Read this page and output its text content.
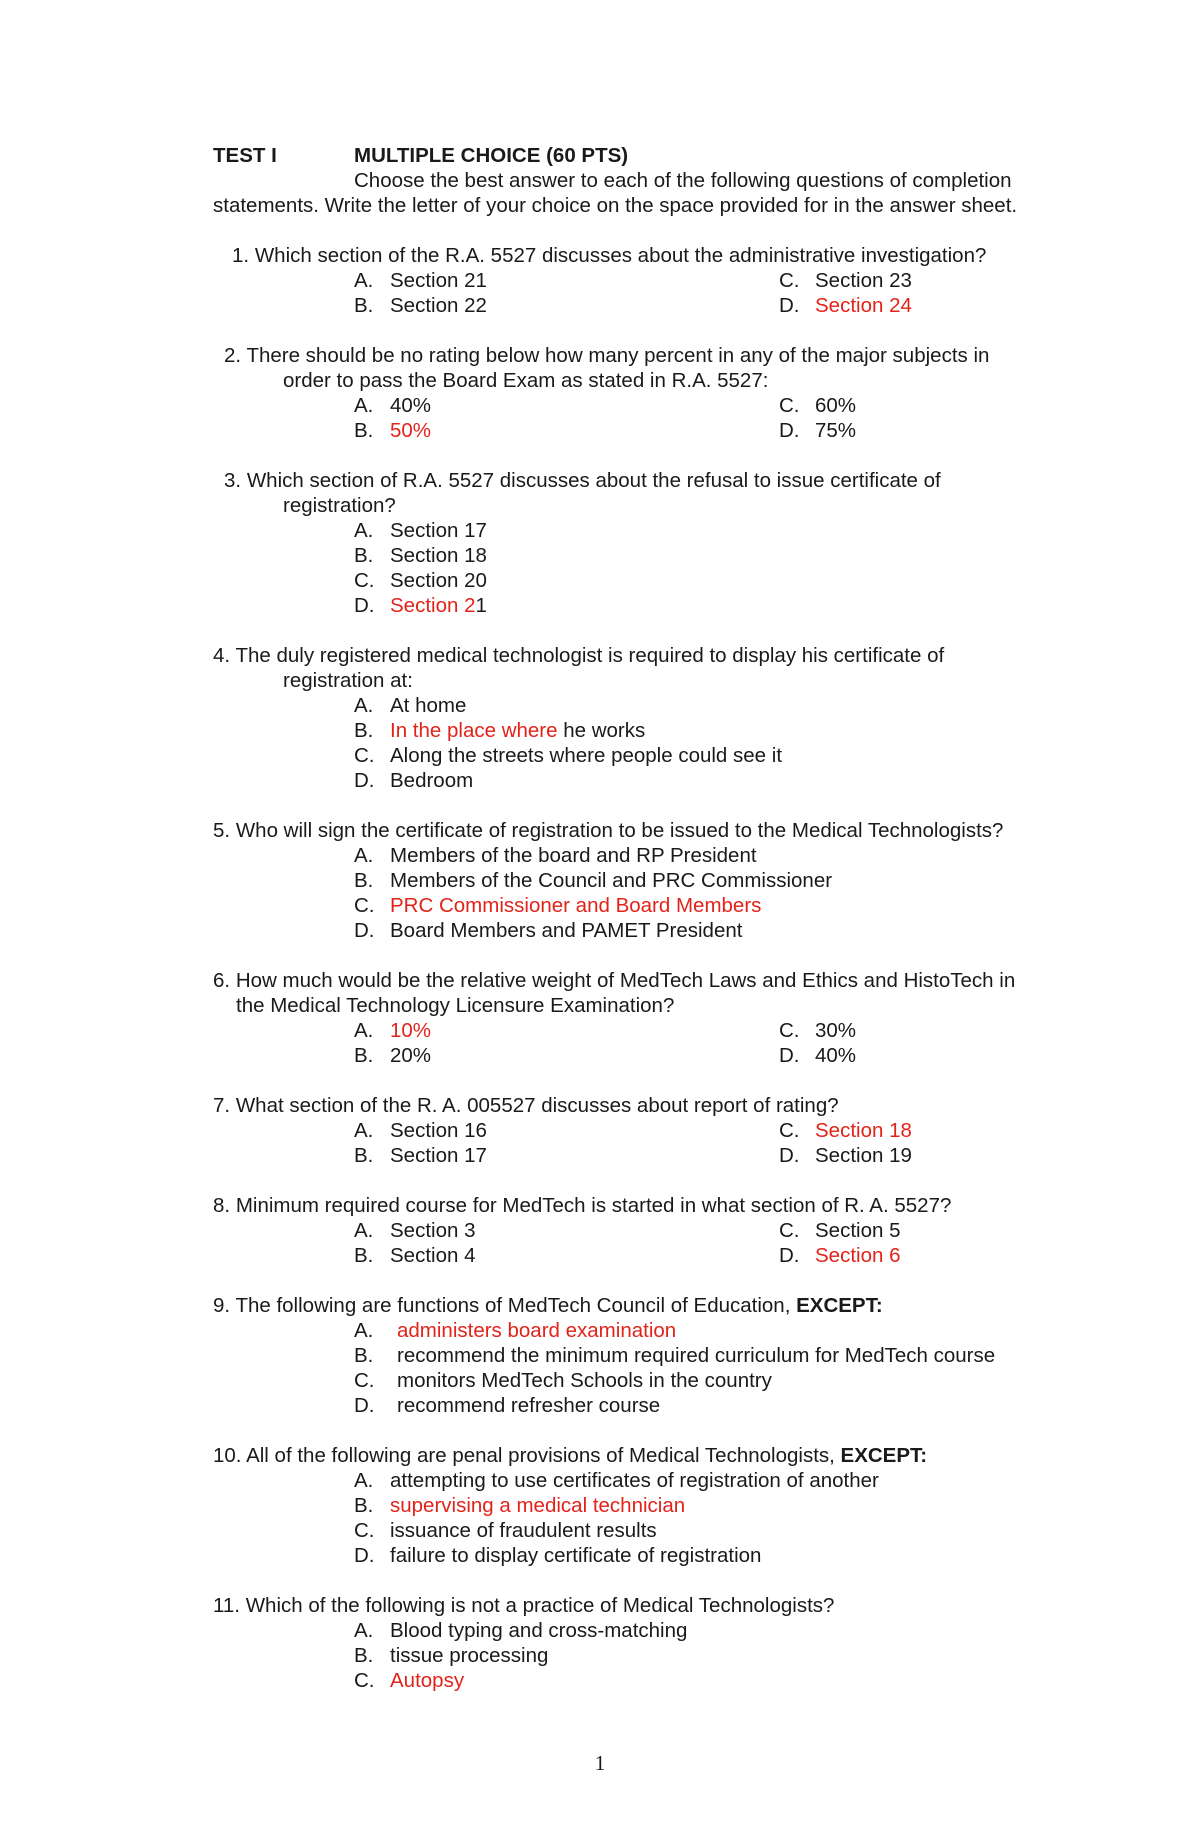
TEST I	MULTIPLE CHOICE (60 PTS)
Choose the best answer to each of the following questions of completion
statements. Write the letter of your choice on the space provided for in the answer sheet.
1. Which section of the R.A. 5527 discusses about the administrative investigation?
A. Section 21	C. Section 23
B. Section 22	D. Section 24
2. There should be no rating below how many percent in any of the major subjects in
order to pass the Board Exam as stated in R.A. 5527:
A. 40%	C. 60%
B. 50%	D. 75%
3. Which section of R.A. 5527 discusses about the refusal to issue certificate of
registration?
A. Section 17
B. Section 18
C. Section 20
D. Section 21
4. The duly registered medical technologist is required to display his certificate of
registration at:
A. At home
B. In the place where he works
C. Along the streets where people could see it
D. Bedroom
5. Who will sign the certificate of registration to be issued to the Medical Technologists?
A. Members of the board and RP President
B. Members of the Council and PRC Commissioner
C. PRC Commissioner and Board Members
D. Board Members and PAMET President
6. How much would be the relative weight of MedTech Laws and Ethics and HistoTech in
the Medical Technology Licensure Examination?
A. 10%	C. 30%
B. 20%	D. 40%
7. What section of the R. A. 005527 discusses about report of rating?
A. Section 16	C. Section 18
B. Section 17	D. Section 19
8. Minimum required course for MedTech is started in what section of R. A. 5527?
A. Section 3	C. Section 5
B. Section 4	D. Section 6
9. The following are functions of MedTech Council of Education, EXCEPT:
A. administers board examination
B. recommend the minimum required curriculum for MedTech course
C. monitors MedTech Schools in the country
D. recommend refresher course
10. All of the following are penal provisions of Medical Technologists, EXCEPT:
A. attempting to use certificates of registration of another
B. supervising a medical technician
C. issuance of fraudulent results
D. failure to display certificate of registration
11. Which of the following is not a practice of Medical Technologists?
A. Blood typing and cross-matching
B. tissue processing
C. Autopsy
1
